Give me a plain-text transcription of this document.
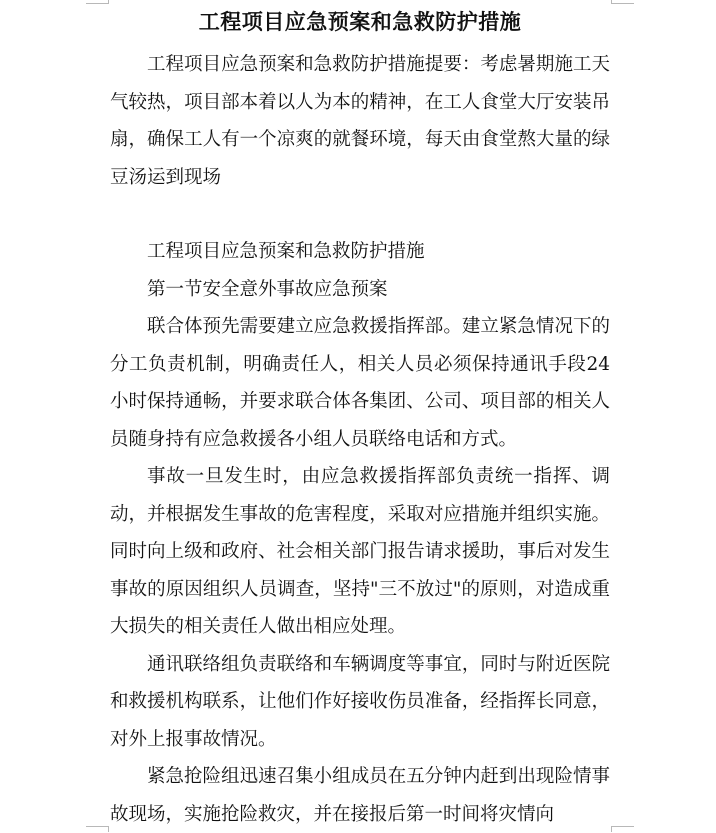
工程项目应急预案和急救防护措施

工程项目应急预案和急救防护措施提要：考虑暑期施工天气较热，项目部本着以人为本的精神，在工人食堂大厅安装吊扇，确保工人有一个凉爽的就餐环境，每天由食堂熬大量的绿豆汤运到现场

工程项目应急预案和急救防护措施

第一节安全意外事故应急预案

联合体预先需要建立应急救援指挥部。建立紧急情况下的分工负责机制，明确责任人，相关人员必须保持通讯手段24小时保持通畅，并要求联合体各集团、公司、项目部的相关人员随身持有应急救援各小组人员联络电话和方式。

事故一旦发生时，由应急救援指挥部负责统一指挥、调动，并根据发生事故的危害程度，采取对应措施并组织实施。同时向上级和政府、社会相关部门报告请求援助，事后对发生事故的原因组织人员调查，坚持"三不放过"的原则，对造成重大损失的相关责任人做出相应处理。

通讯联络组负责联络和车辆调度等事宜，同时与附近医院和救援机构联系，让他们作好接收伤员准备，经指挥长同意，对外上报事故情况。

紧急抢险组迅速召集小组成员在五分钟内赶到出现险情事故现场，实施抢险救灾，并在接报后第一时间将灾情向
